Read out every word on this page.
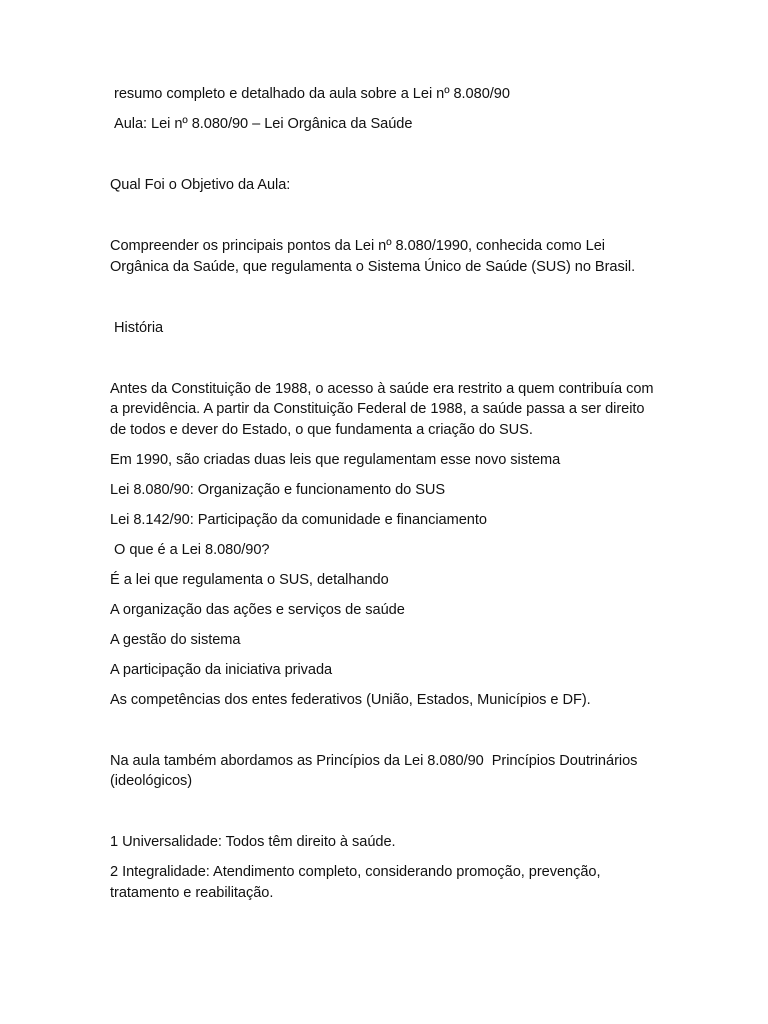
resumo completo e detalhado da aula sobre a Lei nº 8.080/90

Aula: Lei nº 8.080/90 – Lei Orgânica da Saúde

Qual Foi o Objetivo da Aula:

Compreender os principais pontos da Lei nº 8.080/1990, conhecida como Lei Orgânica da Saúde, que regulamenta o Sistema Único de Saúde (SUS) no Brasil.

História

Antes da Constituição de 1988, o acesso à saúde era restrito a quem contribuía com a previdência. A partir da Constituição Federal de 1988, a saúde passa a ser direito de todos e dever do Estado, o que fundamenta a criação do SUS.

Em 1990, são criadas duas leis que regulamentam esse novo sistema

Lei 8.080/90: Organização e funcionamento do SUS

Lei 8.142/90: Participação da comunidade e financiamento

O que é a Lei 8.080/90?

É a lei que regulamenta o SUS, detalhando

A organização das ações e serviços de saúde

A gestão do sistema

A participação da iniciativa privada

As competências dos entes federativos (União, Estados, Municípios e DF).

Na aula também abordamos as Princípios da Lei 8.080/90  Princípios Doutrinários (ideológicos)

1 Universalidade: Todos têm direito à saúde.

2 Integralidade: Atendimento completo, considerando promoção, prevenção, tratamento e reabilitação.
